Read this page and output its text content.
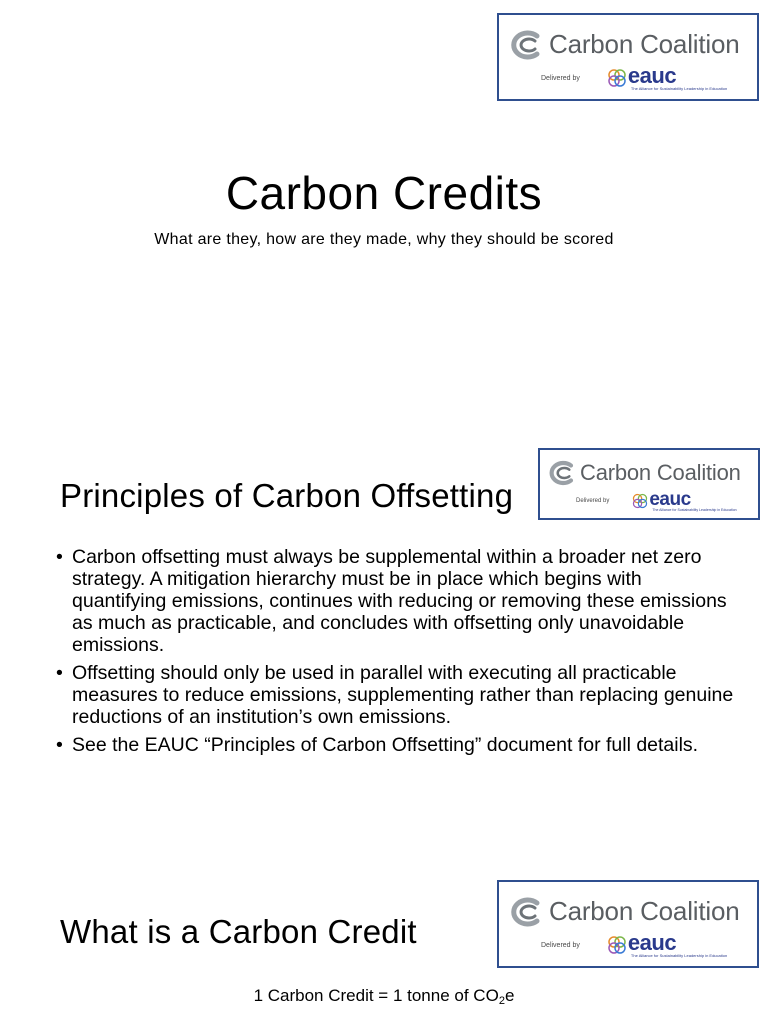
Carbon Coalition
Delivered by eauc
The Alliance for Sustainability Leadership in Education
Carbon Credits

What are they, how are they made, why they should be scored

Carbon Coalition
Delivered by eauc
The Alliance for Sustainability Leadership in Education
Principles of Carbon Offsetting
• Carbon offsetting must always be supplemental within a broader net zero strategy. A mitigation hierarchy must be in place which begins with quantifying emissions, continues with reducing or removing these emissions as much as practicable, and concludes with offsetting only unavoidable emissions.
• Offsetting should only be used in parallel with executing all practicable measures to reduce emissions, supplementing rather than replacing genuine reductions of an institution’s own emissions.
• See the EAUC “Principles of Carbon Offsetting” document for full details.
Carbon Coalition
Delivered by eauc
The Alliance for Sustainability Leadership in Education
What is a Carbon Credit

1 Carbon Credit = 1 tonne of $CO_2e$
